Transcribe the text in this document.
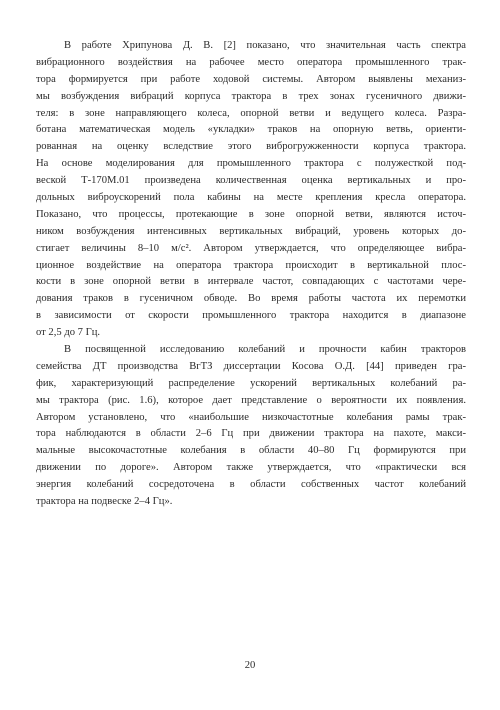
В работе Хрипунова Д. В. [2] показано, что значительная часть спектра
вибрационного воздействия на рабочее место оператора промышленного трак-
тора формируется при работе ходовой системы. Автором выявлены механиз-
мы возбуждения вибраций корпуса трактора в трех зонах гусеничного движи-
теля: в зоне направляющего колеса, опорной ветви и ведущего колеса. Разра-
ботана математическая модель «укладки» траков на опорную ветвь, ориенти-
рованная на оценку вследствие этого виброгружженности корпуса трактора.
На основе моделирования для промышленного трактора с полужесткой под-
веской Т-170М.01 произведена количественная оценка вертикальных и про-
дольных виброускорений пола кабины на месте крепления кресла оператора.
Показано, что процессы, протекающие в зоне опорной ветви, являются источ-
ником возбуждения интенсивных вертикальных вибраций, уровень которых до-
стигает величины 8–10 м/с². Автором утверждается, что определяющее вибра-
ционное воздействие на оператора трактора происходит в вертикальной плос-
кости в зоне опорной ветви в интервале частот, совпадающих с частотами чере-
дования траков в гусеничном обводе. Во время работы частота их перемотки
в зависимости от скорости промышленного трактора находится в диапазоне
от 2,5 до 7 Гц.
В посвященной исследованию колебаний и прочности кабин тракторов
семейства ДТ производства ВгТЗ диссертации Косова О.Д. [44] приведен гра-
фик, характеризующий распределение ускорений вертикальных колебаний ра-
мы трактора (рис. 1.6), которое дает представление о вероятности их появления.
Автором установлено, что «наибольшие низкочастотные колебания рамы трак-
тора наблюдаются в области 2–6 Гц при движении трактора на пахоте, макси-
мальные высокочастотные колебания в области 40–80 Гц формируются при
движении по дороге». Автором также утверждается, что «практически вся
энергия колебаний сосредоточена в области собственных частот колебаний
трактора на подвеске 2–4 Гц».
20
